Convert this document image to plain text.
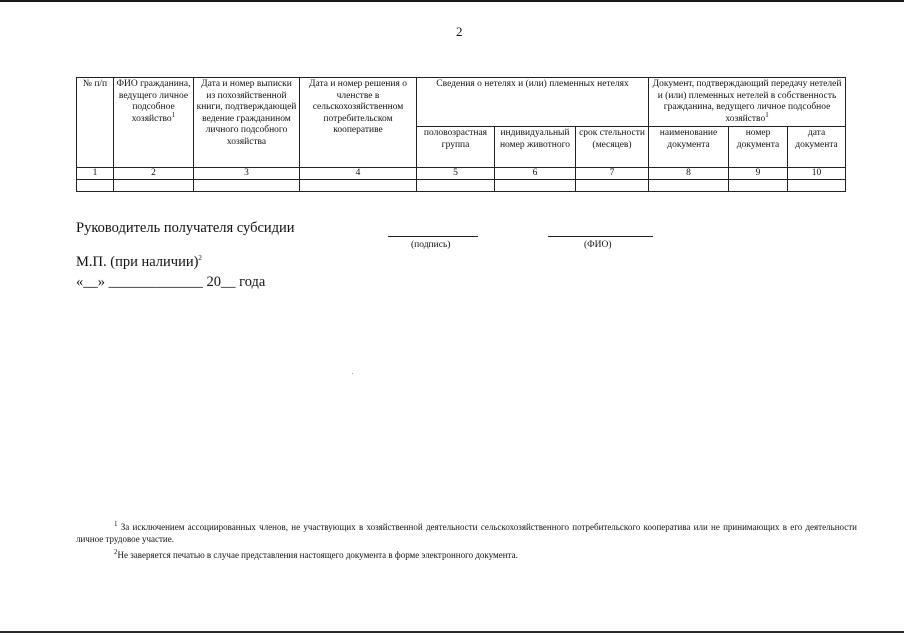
2
№ п/п	ФИО гражданина, ведущего личное подсобное хозяйство$^1$	Дата и номер выписки из похозяйственной книги, подтверждающей ведение гражданином личного подсобного хозяйства	Дата и номер решения о членстве в сельскохозяйственном потребительском кооперативе	Сведения о нетелях и (или) племенных нетелях			Документ, подтверждающий передачу нетелей и (или) племенных нетелей в собственность гражданина, ведущего личное подсобное хозяйство$^1$
				половозрастная группа	индивидуальный номер животного	срок стельности (месяцев)	наименование документа	номер документа	дата документа
1	2	3	4	5	6	7	8	9	10

Руководитель получателя субсидии
(подпись)	(ФИО)
М.П. (при наличии)$^2$
«__» _____________ 20__ года
$^1$ За исключением ассоциированных членов, не участвующих в хозяйственной деятельности сельскохозяйственного потребительского кооператива или не принимающих в его деятельности личное трудовое участие.
$^2$Не заверяется печатью в случае представления настоящего документа в форме электронного документа.
